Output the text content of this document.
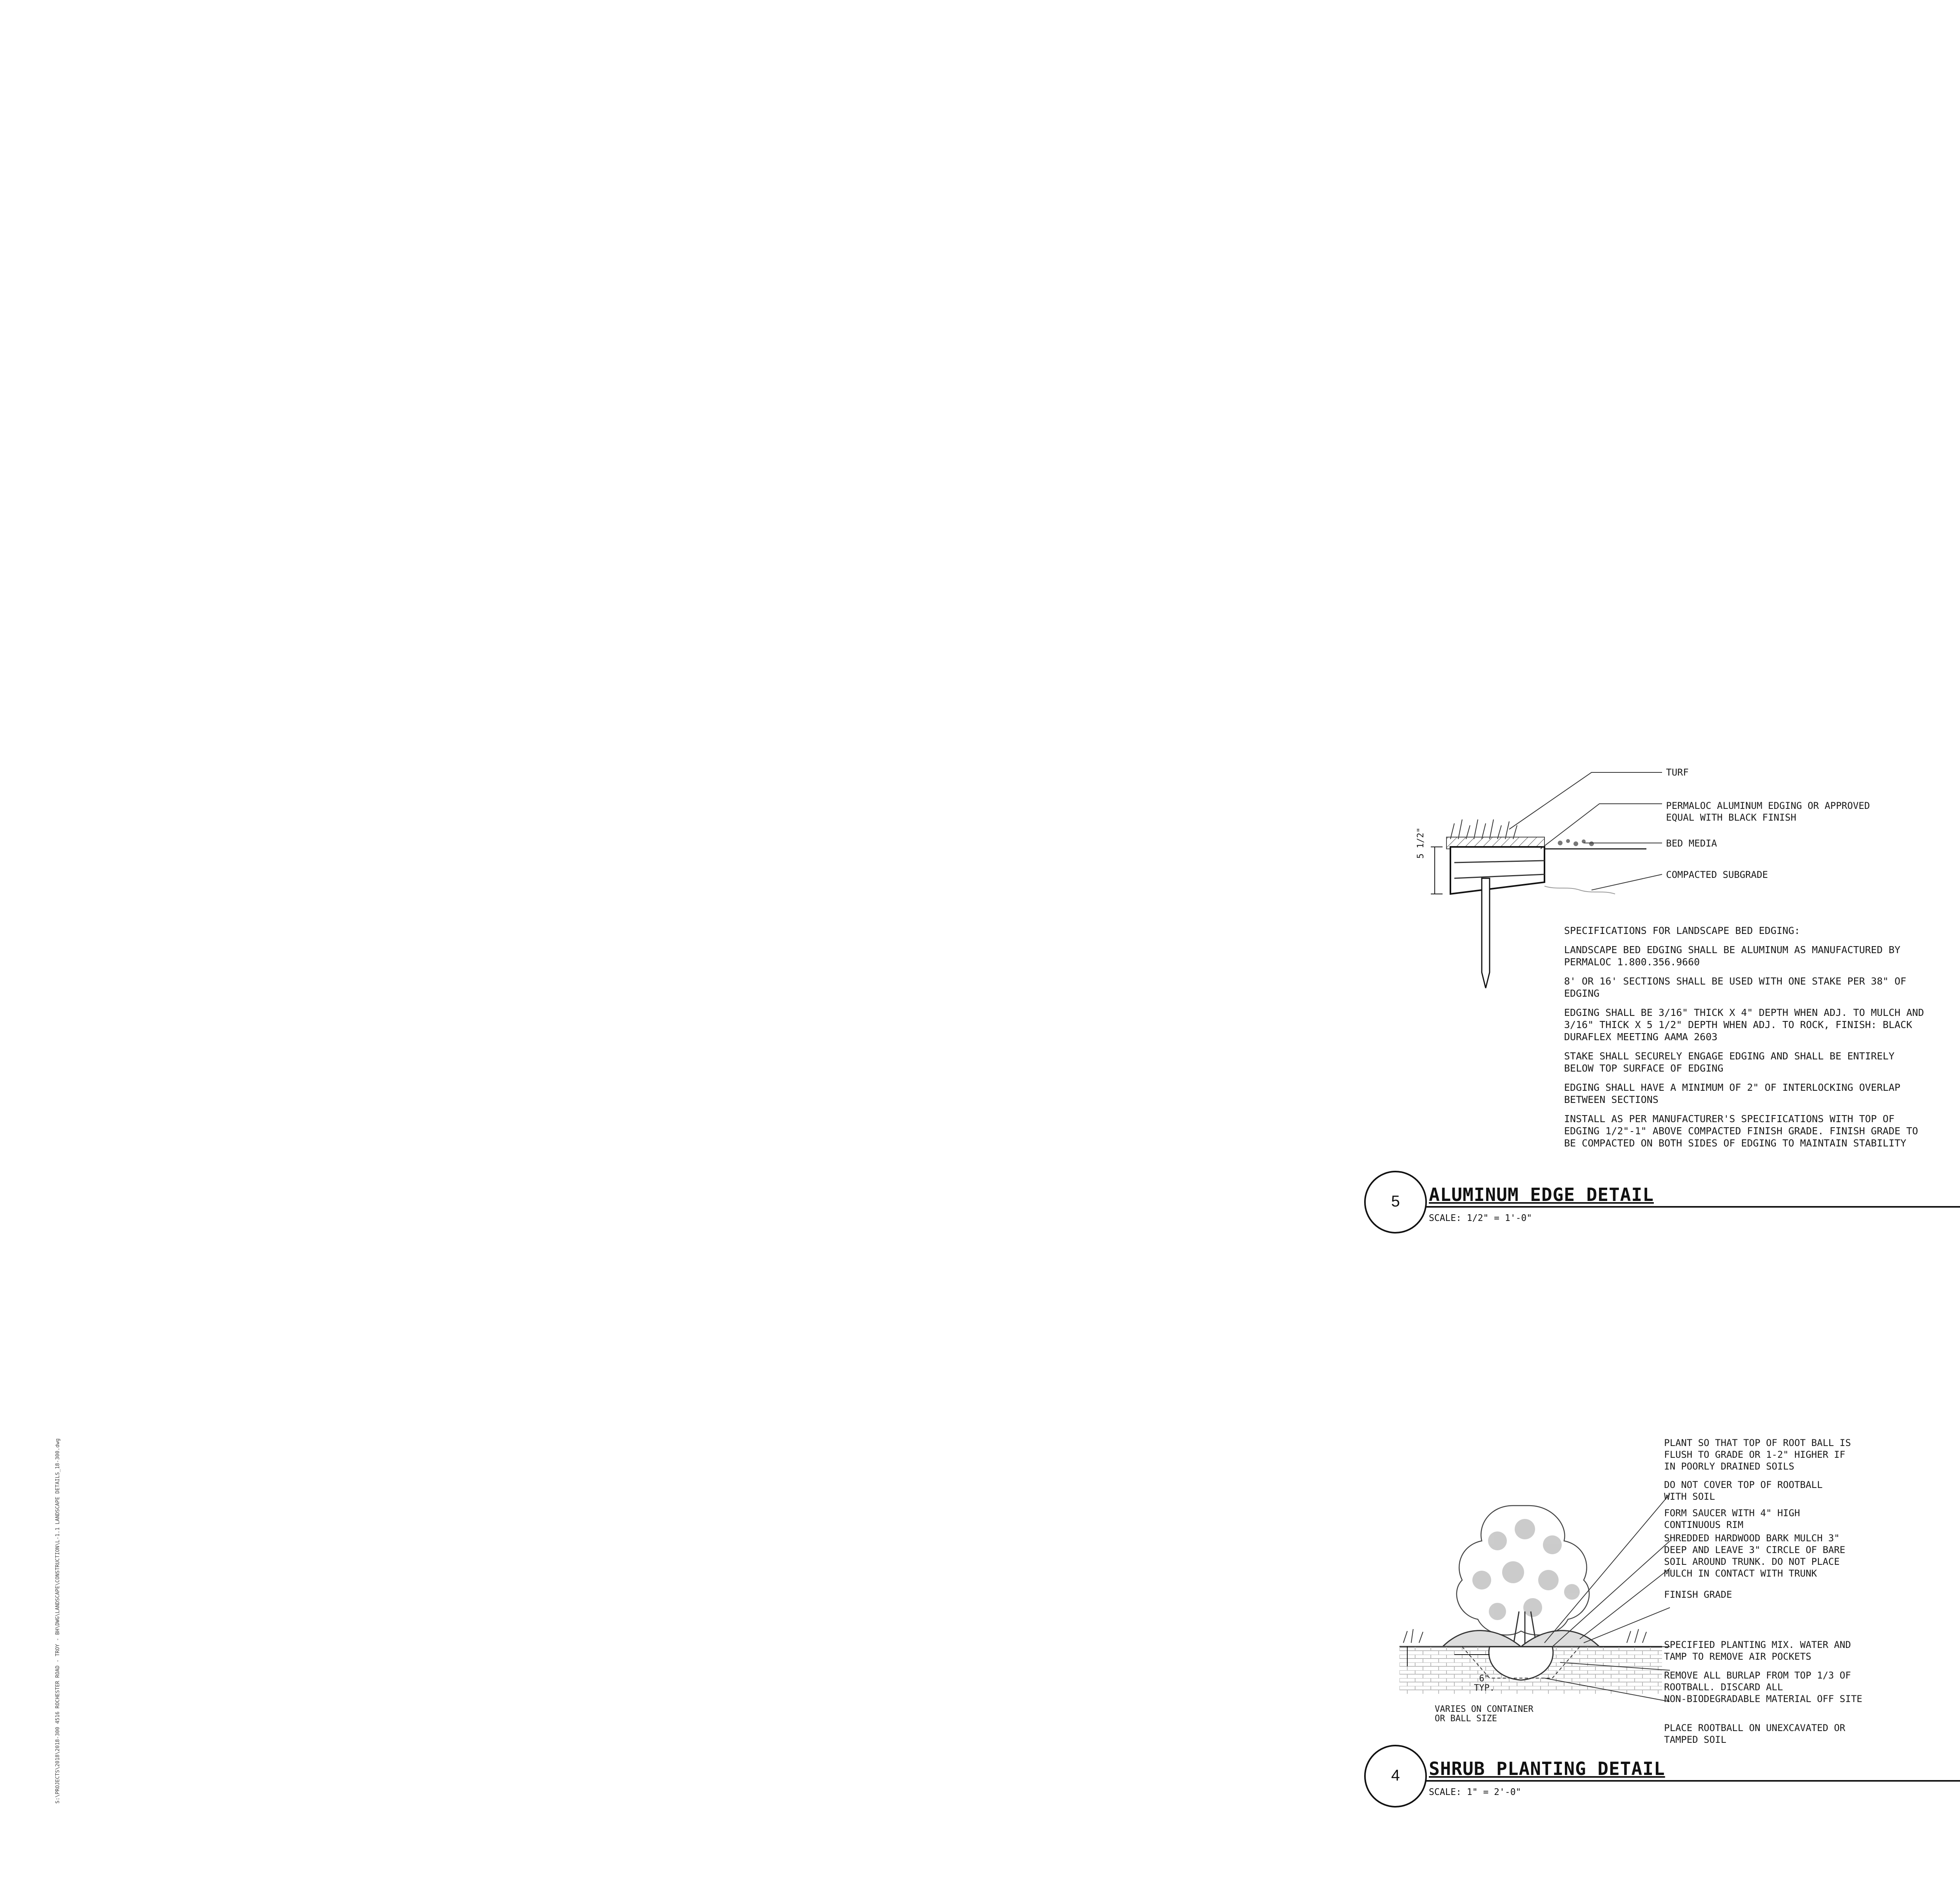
S:\PROJECTS\2018\2018-300 4516 ROCHESTER ROAD - TROY - BH\DWG\LANDSCAPE\CONSTRUCTION\L-1.1 LANDSCAPE DETAILS_18-300.dwg
5 1/2"
TURF
PERMALOC ALUMINUM EDGING OR APPROVED
EQUAL WITH BLACK FINISH
BED MEDIA
COMPACTED SUBGRADE
SPECIFICATIONS FOR LANDSCAPE BED EDGING:
LANDSCAPE BED EDGING SHALL BE ALUMINUM AS MANUFACTURED BY
PERMALOC 1.800.356.9660
8' OR 16' SECTIONS SHALL BE USED WITH ONE STAKE PER 38" OF
EDGING
EDGING SHALL BE 3/16" THICK X 4" DEPTH WHEN ADJ. TO MULCH AND
3/16" THICK X 5 1/2" DEPTH WHEN ADJ. TO ROCK, FINISH: BLACK
DURAFLEX MEETING AAMA 2603
STAKE SHALL SECURELY ENGAGE EDGING AND SHALL BE ENTIRELY
BELOW TOP SURFACE OF EDGING
EDGING SHALL HAVE A MINIMUM OF 2" OF INTERLOCKING OVERLAP
BETWEEN SECTIONS
INSTALL AS PER MANUFACTURER'S SPECIFICATIONS WITH TOP OF
EDGING 1/2"-1" ABOVE COMPACTED FINISH GRADE. FINISH GRADE TO
BE COMPACTED ON BOTH SIDES OF EDGING TO MAINTAIN STABILITY
5	ALUMINUM EDGE DETAIL
SCALE: 1/2" = 1'-0"
6"
TYP.
VARIES ON CONTAINER
OR BALL SIZE
PLANT SO THAT TOP OF ROOT BALL IS
FLUSH TO GRADE OR 1-2" HIGHER IF
IN POORLY DRAINED SOILS
DO NOT COVER TOP OF ROOTBALL
WITH SOIL
FORM SAUCER WITH 4" HIGH
CONTINUOUS RIM
SHREDDED HARDWOOD BARK MULCH 3"
DEEP AND LEAVE 3" CIRCLE OF BARE
SOIL AROUND TRUNK. DO NOT PLACE
MULCH IN CONTACT WITH TRUNK
FINISH GRADE
SPECIFIED PLANTING MIX. WATER AND
TAMP TO REMOVE AIR POCKETS
REMOVE ALL BURLAP FROM TOP 1/3 OF
ROOTBALL. DISCARD ALL
NON-BIODEGRADABLE MATERIAL OFF SITE
PLACE ROOTBALL ON UNEXCAVATED OR
TAMPED SOIL
4	SHRUB PLANTING DETAIL
SCALE: 1" = 2'-0"
